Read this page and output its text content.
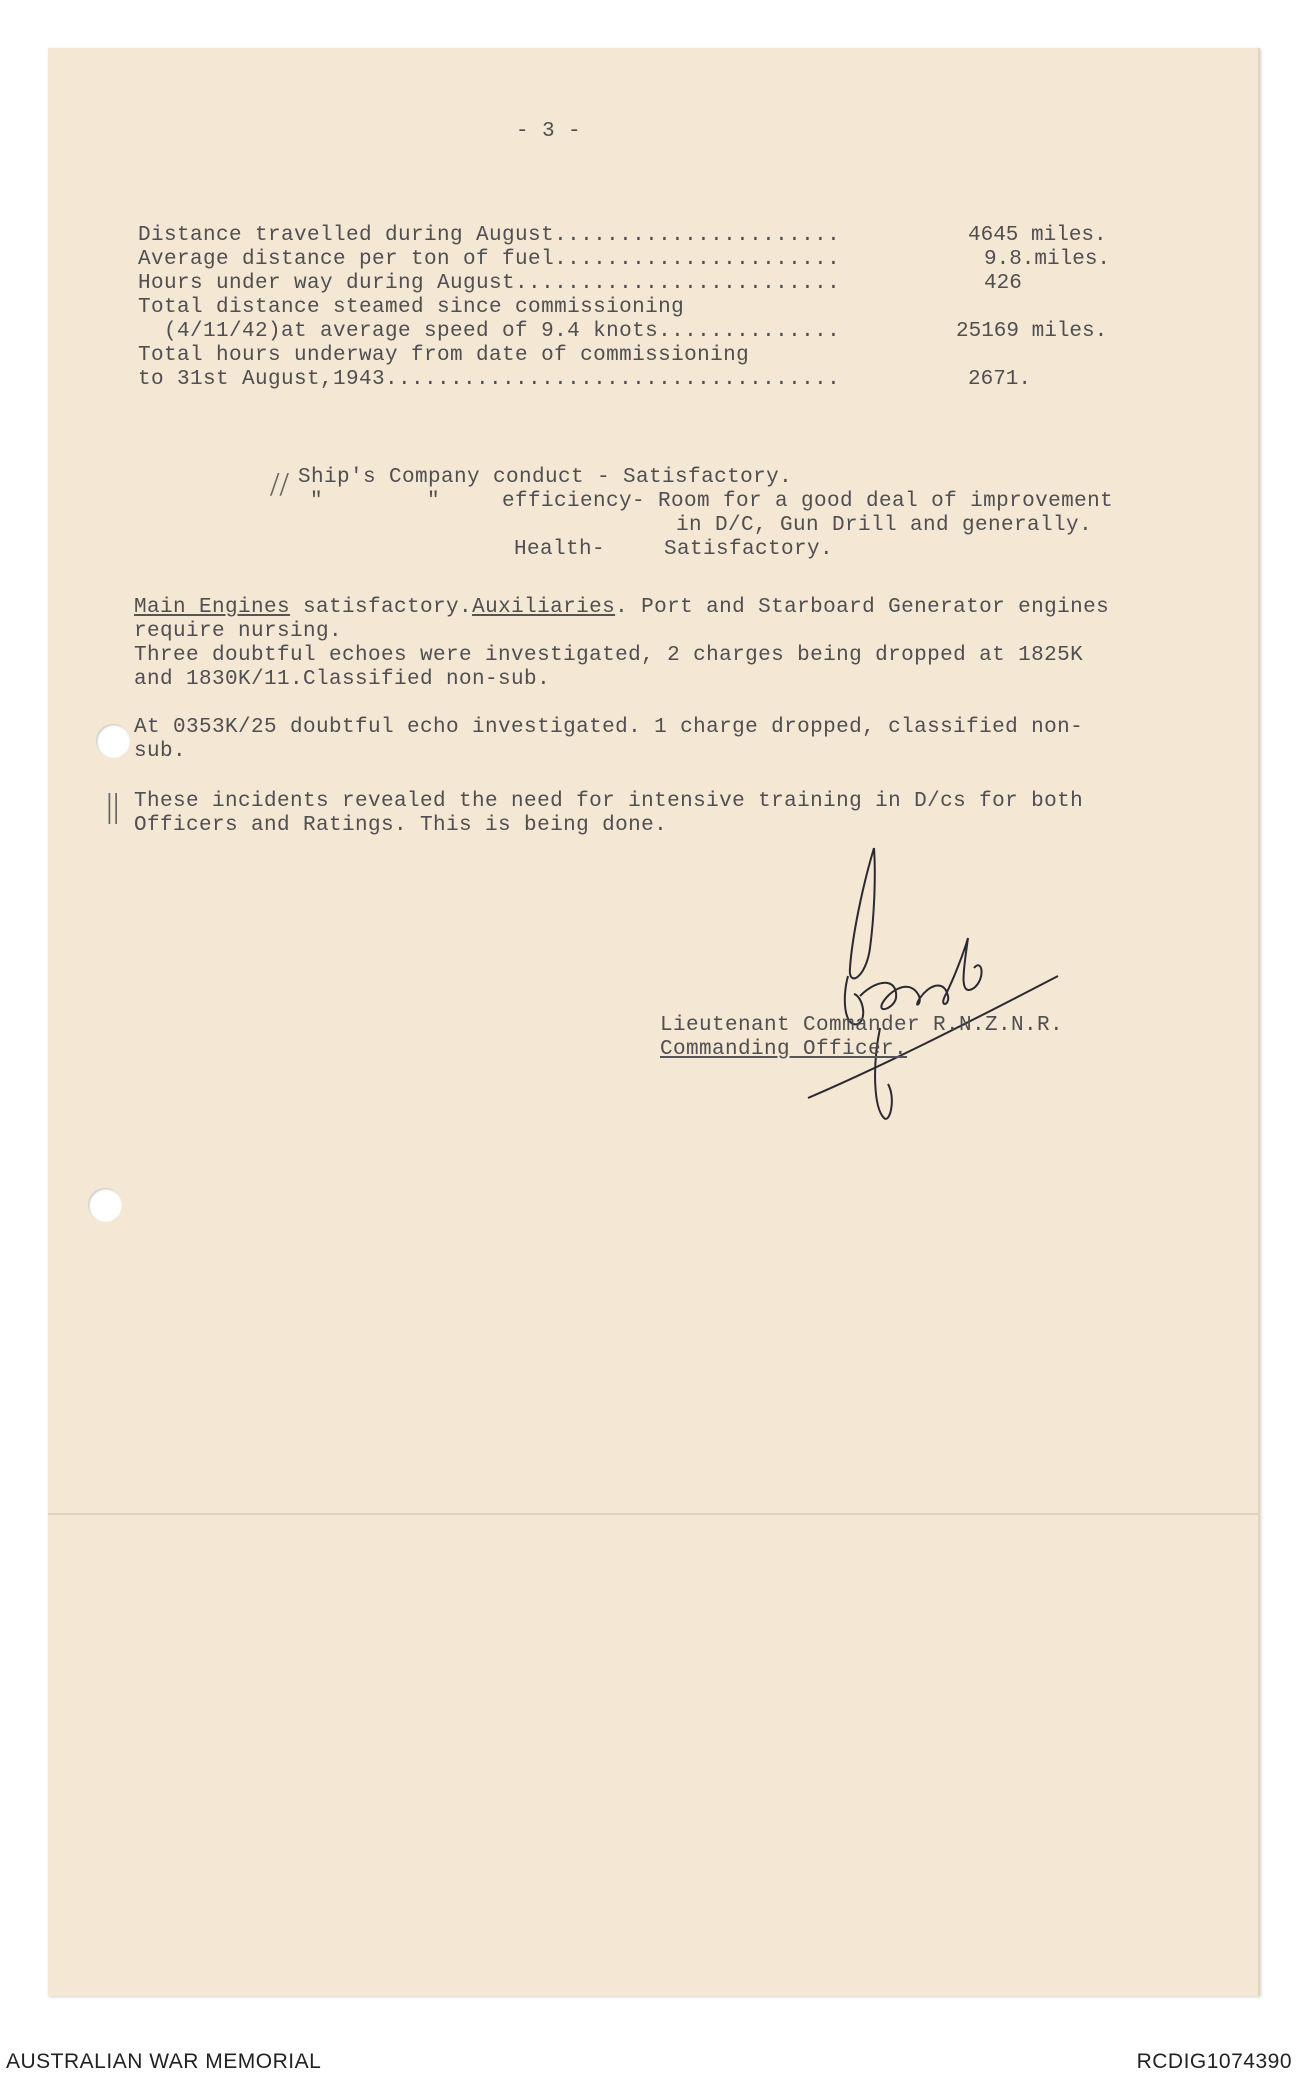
- 3 -
Distance travelled during August......................	4645 miles.
Average distance per ton of fuel......................	9.8.miles.
Hours under way during August.........................	426
Total distance steamed since commissioning
(4/11/42)at average speed of 9.4 knots..............	25169 miles.
Total hours underway from date of commissioning
to 31st August,1943...................................	2671.
// Ship's Company conduct - Satisfactory.
"        "	efficiency- Room for a good deal of improvement
in D/C, Gun Drill and generally.
Health-	Satisfactory.
Main Engines satisfactory.Auxiliaries. Port and Starboard Generator engines
require nursing.
Three doubtful echoes were investigated, 2 charges being dropped at 1825K
and 1830K/11.Classified non-sub.
At 0353K/25 doubtful echo investigated. 1 charge dropped, classified non-
sub.
|| These incidents revealed the need for intensive training in D/cs for both
Officers and Ratings. This is being done.
Lieutenant Commander R.N.Z.N.R.
Commanding Officer.
AUSTRALIAN WAR MEMORIAL	RCDIG1074390
